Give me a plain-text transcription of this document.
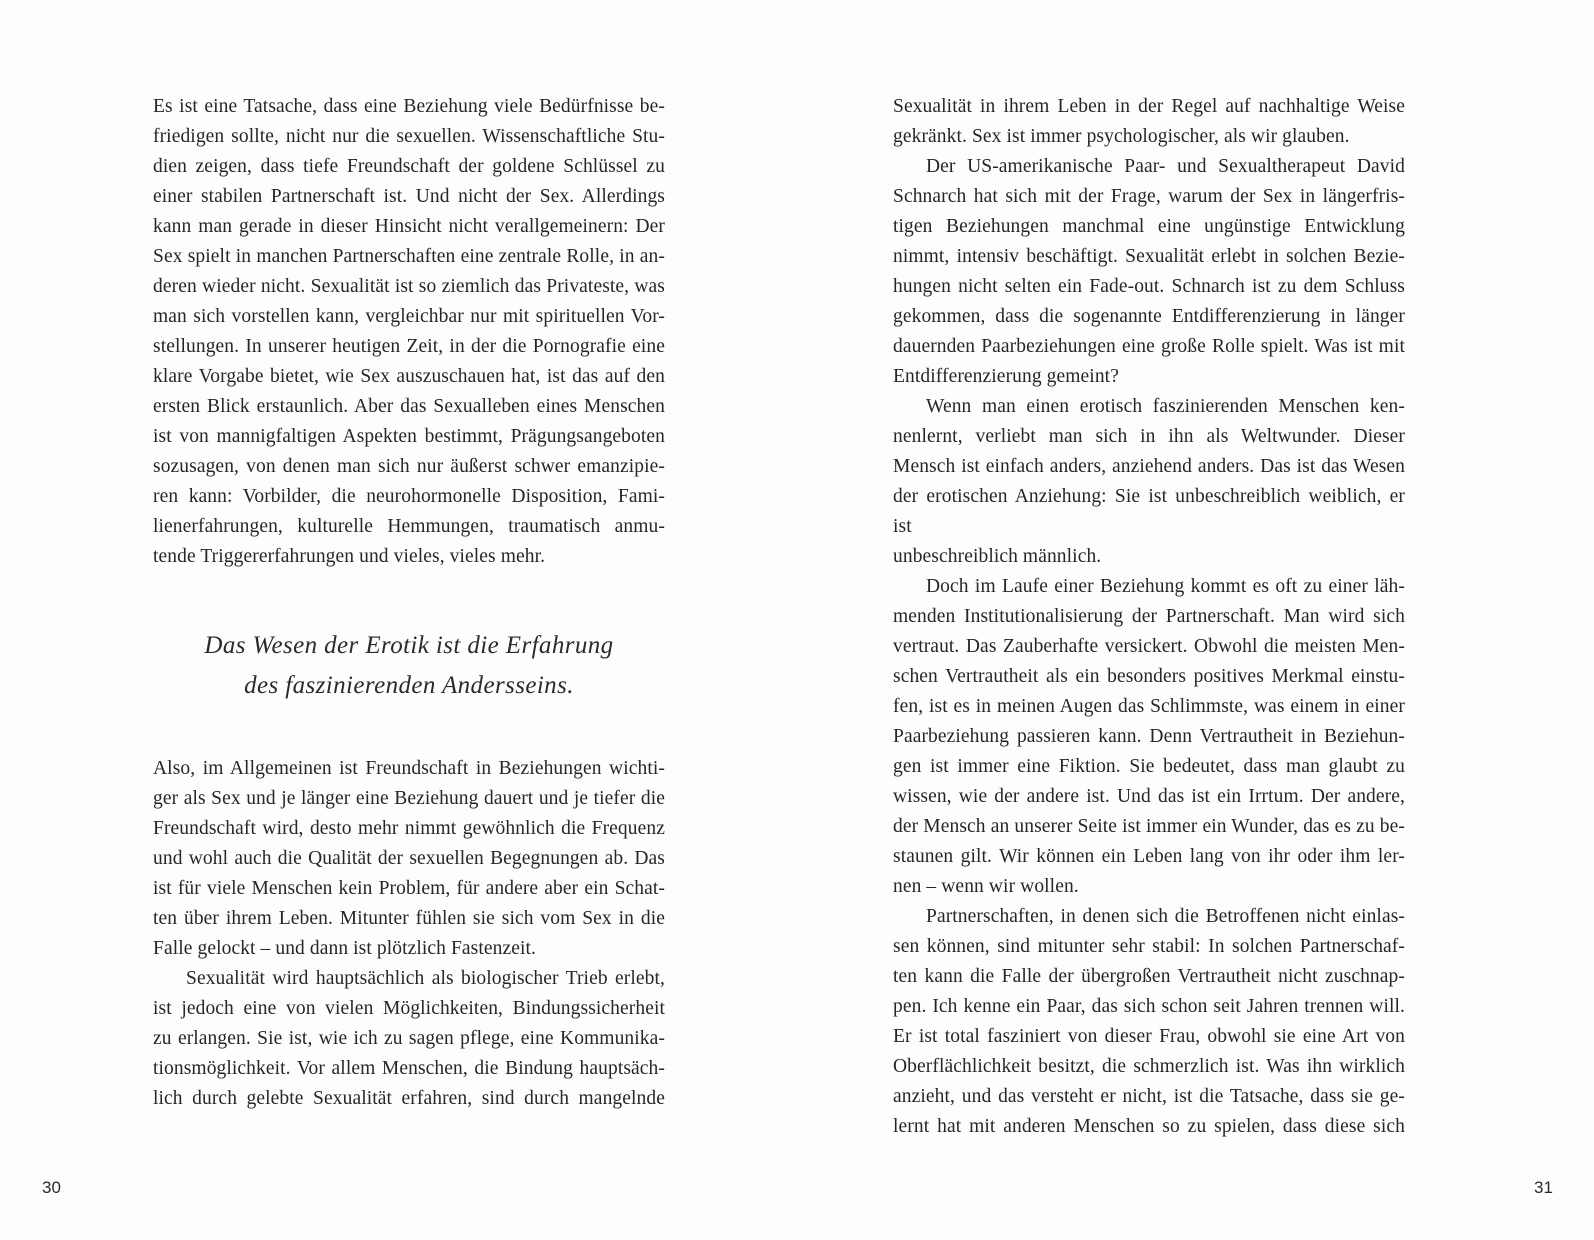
Es ist eine Tatsache, dass eine Beziehung viele Bedürfnisse be-
friedigen sollte, nicht nur die sexuellen. Wissenschaftliche Stu-
dien zeigen, dass tiefe Freundschaft der goldene Schlüssel zu
einer stabilen Partnerschaft ist. Und nicht der Sex. Allerdings
kann man gerade in dieser Hinsicht nicht verallgemeinern: Der
Sex spielt in manchen Partnerschaften eine zentrale Rolle, in an-
deren wieder nicht. Sexualität ist so ziemlich das Privateste, was
man sich vorstellen kann, vergleichbar nur mit spirituellen Vor-
stellungen. In unserer heutigen Zeit, in der die Pornografie eine
klare Vorgabe bietet, wie Sex auszuschauen hat, ist das auf den
ersten Blick erstaunlich. Aber das Sexualleben eines Menschen
ist von mannigfaltigen Aspekten bestimmt, Prägungsangeboten
sozusagen, von denen man sich nur äußerst schwer emanzipie-
ren kann: Vorbilder, die neurohormonelle Disposition, Fami-
lienerfahrungen, kulturelle Hemmungen, traumatisch anmu-
tende Triggererfahrungen und vieles, vieles mehr.
Das Wesen der Erotik ist die Erfahrung
des faszinierenden Andersseins.
Also, im Allgemeinen ist Freundschaft in Beziehungen wichti-
ger als Sex und je länger eine Beziehung dauert und je tiefer die
Freundschaft wird, desto mehr nimmt gewöhnlich die Frequenz
und wohl auch die Qualität der sexuellen Begegnungen ab. Das
ist für viele Menschen kein Problem, für andere aber ein Schat-
ten über ihrem Leben. Mitunter fühlen sie sich vom Sex in die
Falle gelockt – und dann ist plötzlich Fastenzeit.
Sexualität wird hauptsächlich als biologischer Trieb erlebt,
ist jedoch eine von vielen Möglichkeiten, Bindungssicherheit
zu erlangen. Sie ist, wie ich zu sagen pflege, eine Kommunika-
tionsmöglichkeit. Vor allem Menschen, die Bindung hauptsäch-
lich durch gelebte Sexualität erfahren, sind durch mangelnde
30
Sexualität in ihrem Leben in der Regel auf nachhaltige Weise
gekränkt. Sex ist immer psychologischer, als wir glauben.
Der US-amerikanische Paar- und Sexualtherapeut David
Schnarch hat sich mit der Frage, warum der Sex in längerfris-
tigen Beziehungen manchmal eine ungünstige Entwicklung
nimmt, intensiv beschäftigt. Sexualität erlebt in solchen Bezie-
hungen nicht selten ein Fade-out. Schnarch ist zu dem Schluss
gekommen, dass die sogenannte Entdifferenzierung in länger
dauernden Paarbeziehungen eine große Rolle spielt. Was ist mit
Entdifferenzierung gemeint?
Wenn man einen erotisch faszinierenden Menschen ken-
nenlernt, verliebt man sich in ihn als Weltwunder. Dieser
Mensch ist einfach anders, anziehend anders. Das ist das Wesen
der erotischen Anziehung: Sie ist unbeschreiblich weiblich, er ist
unbeschreiblich männlich.
Doch im Laufe einer Beziehung kommt es oft zu einer läh-
menden Institutionalisierung der Partnerschaft. Man wird sich
vertraut. Das Zauberhafte versickert. Obwohl die meisten Men-
schen Vertrautheit als ein besonders positives Merkmal einstu-
fen, ist es in meinen Augen das Schlimmste, was einem in einer
Paarbeziehung passieren kann. Denn Vertrautheit in Beziehun-
gen ist immer eine Fiktion. Sie bedeutet, dass man glaubt zu
wissen, wie der andere ist. Und das ist ein Irrtum. Der andere,
der Mensch an unserer Seite ist immer ein Wunder, das es zu be-
staunen gilt. Wir können ein Leben lang von ihr oder ihm ler-
nen – wenn wir wollen.
Partnerschaften, in denen sich die Betroffenen nicht einlas-
sen können, sind mitunter sehr stabil: In solchen Partnerschaf-
ten kann die Falle der übergroßen Vertrautheit nicht zuschnap-
pen. Ich kenne ein Paar, das sich schon seit Jahren trennen will.
Er ist total fasziniert von dieser Frau, obwohl sie eine Art von
Oberflächlichkeit besitzt, die schmerzlich ist. Was ihn wirklich
anzieht, und das versteht er nicht, ist die Tatsache, dass sie ge-
lernt hat mit anderen Menschen so zu spielen, dass diese sich
31
